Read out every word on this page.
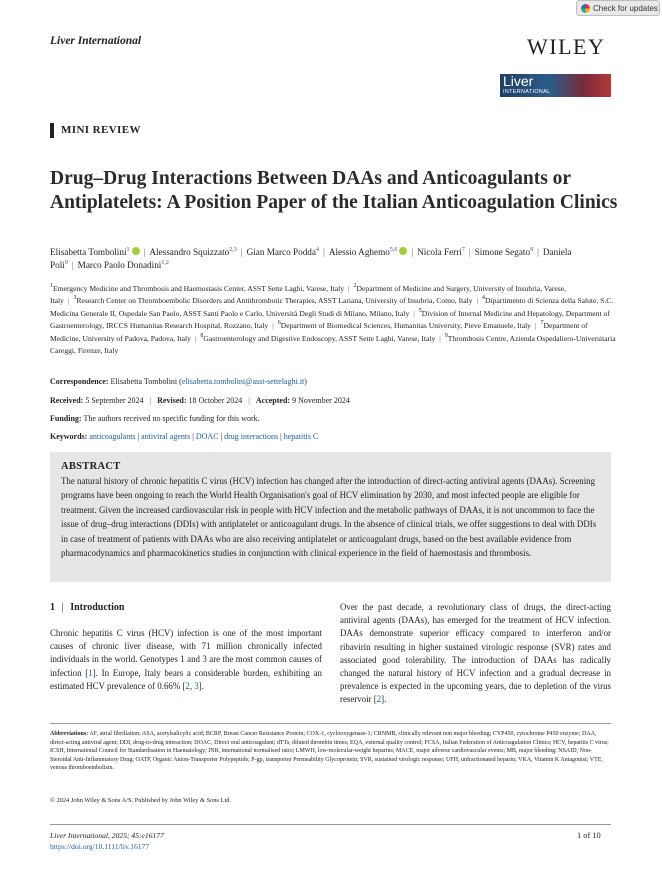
Check for updates
Liver International	WILEY
Liver
INTERNATIONAL
MINI REVIEW
Drug–Drug Interactions Between DAAs and Anticoagulants or Antiplatelets: A Position Paper of the Italian Anticoagulation Clinics
Elisabetta Tombolini$^1$ | Alessandro Squizzato$^{2,3}$ | Gian Marco Podda$^4$ | Alessio Aghemo$^{5,6}$ | Nicola Ferri$^7$ | Simone Segato$^8$ | Daniela Poli$^9$ | Marco Paolo Donadini$^{1,2}$
$^1$Emergency Medicine and Thrombosis and Haemostasis Center, ASST Sette Laghi, Varese, Italy | $^2$Department of Medicine and Surgery, University of Insubria, Varese, Italy | $^3$Research Center on Thromboembolic Disorders and Antithrombotic Therapies, ASST Lariana, University of Insubria, Como, Italy | $^4$Dipartimento di Scienza della Salute, S.C. Medicina Generale II, Ospedale San Paolo, ASST Santi Paolo e Carlo, Università Degli Studi di Milano, Milano, Italy | $^5$Division of Internal Medicine and Hepatology, Department of Gastroenterology, IRCCS Humanitas Research Hospital, Rozzano, Italy | $^6$Department of Biomedical Sciences, Humanitas University, Pieve Emanuele, Italy | $^7$Department of Medicine, University of Padova, Padova, Italy | $^8$Gastroenterology and Digestive Endoscopy, ASST Sette Laghi, Varese, Italy | $^9$Thrombosis Centre, Azienda Ospedaliero-Universitaria Careggi, Firenze, Italy
Correspondence: Elisabetta Tombolini (elisabetta.tombolini@asst-settelaghi.it)
Received: 5 September 2024 | Revised: 18 October 2024 | Accepted: 9 November 2024
Funding: The authors received no specific funding for this work.
Keywords: anticoagulants | antiviral agents | DOAC | drug interactions | hepatitis C
ABSTRACT

The natural history of chronic hepatitis C virus (HCV) infection has changed after the introduction of direct-acting antiviral agents (DAAs). Screening programs have been ongoing to reach the World Health Organisation's goal of HCV elimination by 2030, and most infected people are eligible for treatment. Given the increased cardiovascular risk in people with HCV infection and the metabolic pathways of DAAs, it is not uncommon to face the issue of drug–drug interactions (DDIs) with antiplatelet or anticoagulant drugs. In the absence of clinical trials, we offer suggestions to deal with DDIs in case of treatment of patients with DAAs who are also receiving antiplatelet or anticoagulant drugs, based on the best available evidence from pharmacodynamics and pharmacokinetics studies in conjunction with clinical experience in the field of haemostasis and thrombosis.

1 | Introduction

Chronic hepatitis C virus (HCV) infection is one of the most important causes of chronic liver disease, with 71 million chronically infected individuals in the world. Genotypes 1 and 3 are the most common causes of infection [1]. In Europe, Italy bears a considerable burden, exhibiting an estimated HCV prevalence of 0.66% [2, 3].

Over the past decade, a revolutionary class of drugs, the direct-acting antiviral agents (DAAs), has emerged for the treatment of HCV infection. DAAs demonstrate superior efficacy compared to interferon and/or ribavirin resulting in higher sustained virologic response (SVR) rates and associated good tolerability. The introduction of DAAs has radically changed the natural history of HCV infection and a gradual decrease in prevalence is expected in the upcoming years, due to depletion of the virus reservoir [2].

Abbreviations: AF, atrial fibrillation; ASA, acetylsalicylic acid; BCRP, Breast Cancer Resistance Protein; COX-1, cyclooxygenase-1; CRNMB, clinically relevant non major bleeding; CYP450, cytochrome P450 enzyme; DAA, direct-acting antiviral agent; DDI, drug-to-drug interaction; DOAC, Direct oral anticoagulant; dTTs, diluted thrombin times; EQA, external quality control; FCSA, Italian Federation of Anticoagulation Clinics; HCV, hepatitis C virus; ICSH, International Council for Standardisation in Haematology; INR, international normalised ratio; LMWH, low-molecular-weight heparins; MACE, major adverse cardiovascular events; MB, major bleeding; NSAID, Non-Steroidal Anti-Inflammatory Drug; OATP, Organic Anion-Transporter Polypeptide; P-gp, transporter Permeability Glycoprotein; SVR, sustained virologic response; UFH, unfractionated heparin; VKA, Vitamin K Antagonist; VTE, venous thromboembolism.
© 2024 John Wiley & Sons A/S. Published by John Wiley & Sons Ltd.
Liver International, 2025; 45:e16177
https://doi.org/10.1111/liv.16177
1 of 10
